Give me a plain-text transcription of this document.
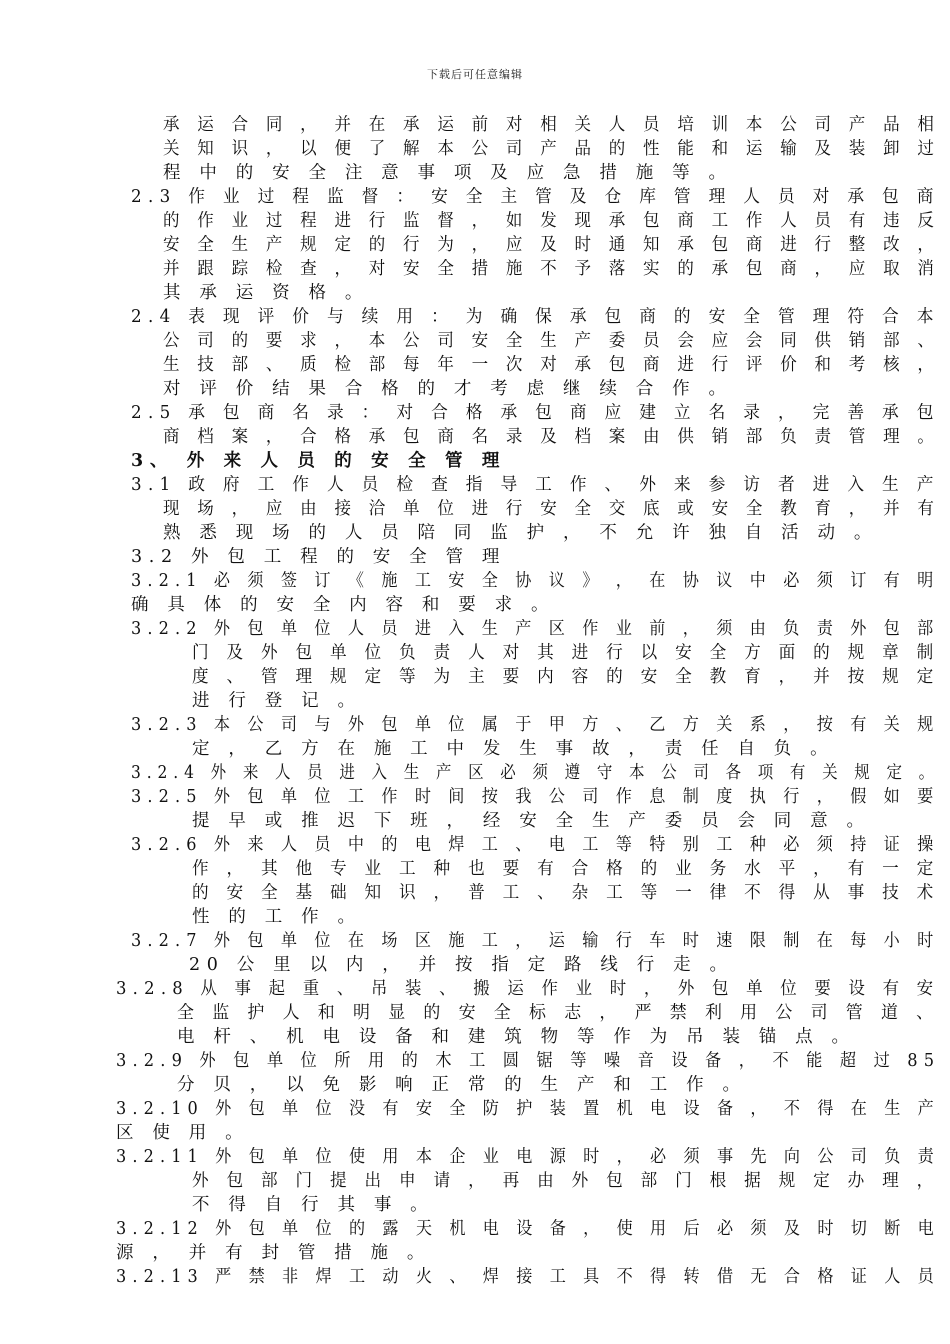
下载后可任意编辑
承 运 合 同 ， 并 在 承 运 前 对 相 关 人 员 培 训 本 公 司 产 品 相
关 知 识 ， 以 便 了 解 本 公 司 产 品 的 性 能 和 运 输 及 装 卸 过
程 中 的 安 全 注 意 事 项 及 应 急 措 施 等 。
2.3 作 业 过 程 监 督 ： 安 全 主 管 及 仓 库 管 理 人 员 对 承 包 商
的 作 业 过 程 进 行 监 督 ， 如 发 现 承 包 商 工 作 人 员 有 违 反
安 全 生 产 规 定 的 行 为 ， 应 及 时 通 知 承 包 商 进 行 整 改 ，
并 跟 踪 检 查 ， 对 安 全 措 施 不 予 落 实 的 承 包 商 ， 应 取 消
其 承 运 资 格 。
2.4 表 现 评 价 与 续 用 ： 为 确 保 承 包 商 的 安 全 管 理 符 合 本
公 司 的 要 求 ， 本 公 司 安 全 生 产 委 员 会 应 会 同 供 销 部 、
生 技 部 、 质 检 部 每 年 一 次 对 承 包 商 进 行 评 价 和 考 核 ，
对 评 价 结 果 合 格 的 才 考 虑 继 续 合 作 。
2.5 承 包 商 名 录 ： 对 合 格 承 包 商 应 建 立 名 录 ， 完 善 承 包
商 档 案 ， 合 格 承 包 商 名 录 及 档 案 由 供 销 部 负 责 管 理 。
3、 外 来 人 员 的 安 全 管 理
3.1 政 府 工 作 人 员 检 查 指 导 工 作 、 外 来 参 访 者 进 入 生 产
现 场 ， 应 由 接 洽 单 位 进 行 安 全 交 底 或 安 全 教 育 ， 并 有
熟 悉 现 场 的 人 员 陪 同 监 护 ， 不 允 许 独 自 活 动 。
3.2 外 包 工 程 的 安 全 管 理
3.2.1 必 须 签 订 《 施 工 安 全 协 议 》 ， 在 协 议 中 必 须 订 有 明
确 具 体 的 安 全 内 容 和 要 求 。
3.2.2 外 包 单 位 人 员 进 入 生 产 区 作 业 前 ， 须 由 负 责 外 包 部
门 及 外 包 单 位 负 责 人 对 其 进 行 以 安 全 方 面 的 规 章 制
度 、 管 理 规 定 等 为 主 要 内 容 的 安 全 教 育 ， 并 按 规 定
进 行 登 记 。
3.2.3 本 公 司 与 外 包 单 位 属 于 甲 方 、 乙 方 关 系 ， 按 有 关 规
定 ， 乙 方 在 施 工 中 发 生 事 故 ， 责 任 自 负 。
3.2.4 外 来 人 员 进 入 生 产 区 必 须 遵 守 本 公 司 各 项 有 关 规 定 。
3.2.5 外 包 单 位 工 作 时 间 按 我 公 司 作 息 制 度 执 行 ， 假 如 要
提 早 或 推 迟 下 班 ， 经 安 全 生 产 委 员 会 同 意 。
3.2.6 外 来 人 员 中 的 电 焊 工 、 电 工 等 特 别 工 种 必 须 持 证 操
作 ， 其 他 专 业 工 种 也 要 有 合 格 的 业 务 水 平 ， 有 一 定
的 安 全 基 础 知 识 ， 普 工 、 杂 工 等 一 律 不 得 从 事 技 术
性 的 工 作 。
3.2.7 外 包 单 位 在 场 区 施 工 ， 运 输 行 车 时 速 限 制 在 每 小 时
20 公 里 以 内 ， 并 按 指 定 路 线 行 走 。
3.2.8 从 事 起 重 、 吊 装 、 搬 运 作 业 时 ， 外 包 单 位 要 设 有 安
全 监 护 人 和 明 显 的 安 全 标 志 ， 严 禁 利 用 公 司 管 道 、
电 杆 、 机 电 设 备 和 建 筑 物 等 作 为 吊 装 锚 点 。
3.2.9 外 包 单 位 所 用 的 木 工 圆 锯 等 噪 音 设 备 ， 不 能 超 过 85
分 贝 ， 以 免 影 响 正 常 的 生 产 和 工 作 。
3.2.10 外 包 单 位 没 有 安 全 防 护 装 置 机 电 设 备 ， 不 得 在 生 产
区 使 用 。
3.2.11 外 包 单 位 使 用 本 企 业 电 源 时 ， 必 须 事 先 向 公 司 负 责
外 包 部 门 提 出 申 请 ， 再 由 外 包 部 门 根 据 规 定 办 理 ，
不 得 自 行 其 事 。
3.2.12 外 包 单 位 的 露 天 机 电 设 备 ， 使 用 后 必 须 及 时 切 断 电
源 ， 并 有 封 管 措 施 。
3.2.13 严 禁 非 焊 工 动 火 、 焊 接 工 具 不 得 转 借 无 合 格 证 人 员
